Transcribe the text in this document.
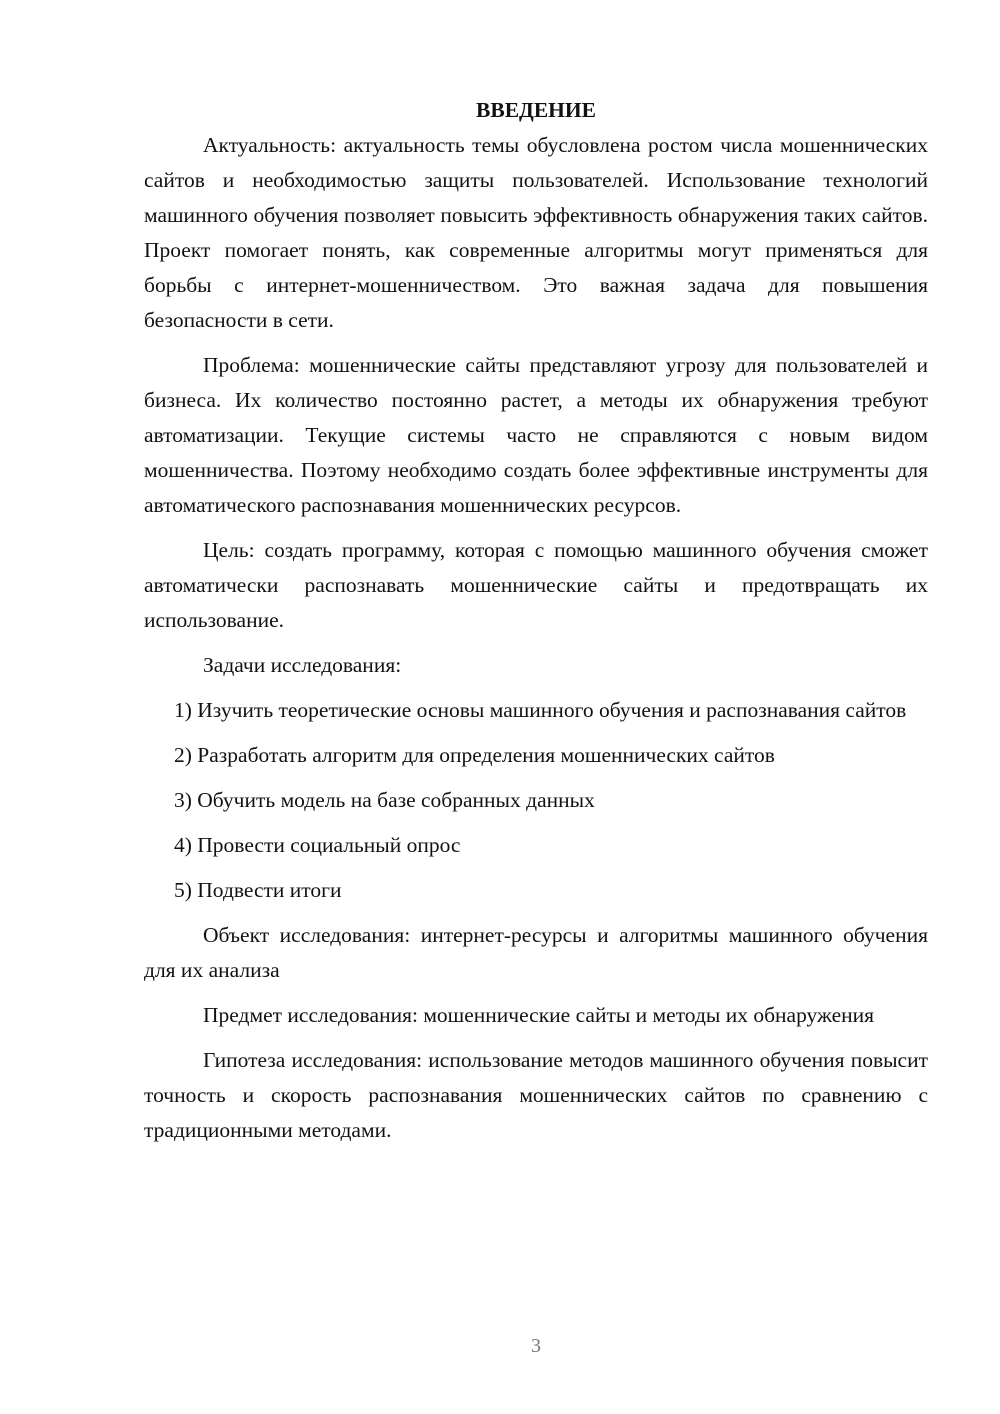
ВВЕДЕНИЕ

Актуальность: актуальность темы обусловлена ростом числа мошеннических сайтов и необходимостью защиты пользователей. Использование технологий машинного обучения позволяет повысить эффективность обнаружения таких сайтов. Проект помогает понять, как современные алгоритмы могут применяться для борьбы с интернет-мошенничеством. Это важная задача для повышения безопасности в сети.

Проблема: мошеннические сайты представляют угрозу для пользователей и бизнеса. Их количество постоянно растет, а методы их обнаружения требуют автоматизации. Текущие системы часто не справляются с новым видом мошенничества. Поэтому необходимо создать более эффективные инструменты для автоматического распознавания мошеннических ресурсов.

Цель: создать программу, которая с помощью машинного обучения сможет автоматически распознавать мошеннические сайты и предотвращать их использование.

Задачи исследования:

1) Изучить теоретические основы машинного обучения и распознавания сайтов

2) Разработать алгоритм для определения мошеннических сайтов

3) Обучить модель на базе собранных данных

4) Провести социальный опрос

5) Подвести итоги

Объект исследования: интернет-ресурсы и алгоритмы машинного обучения для их анализа

Предмет исследования: мошеннические сайты и методы их обнаружения

Гипотеза исследования: использование методов машинного обучения повысит точность и скорость распознавания мошеннических сайтов по сравнению с традиционными методами.

3
